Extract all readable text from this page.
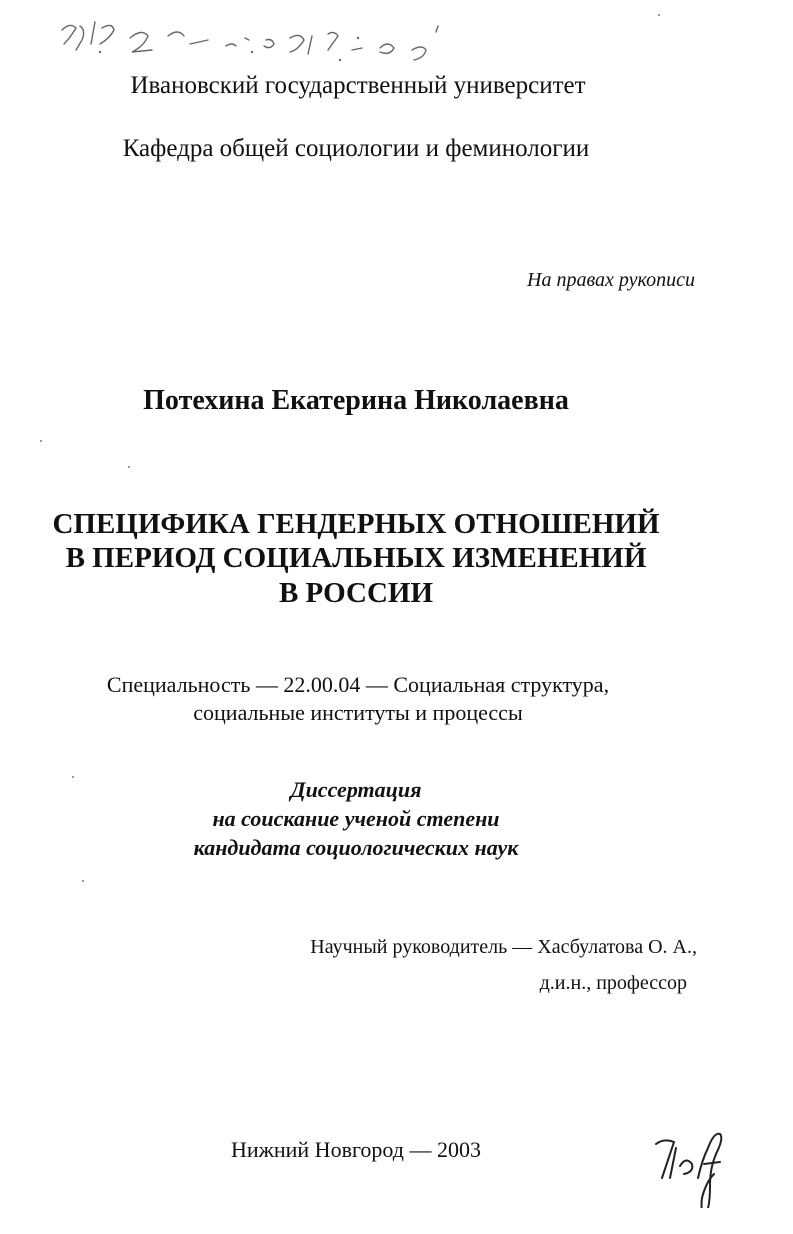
Ивановский государственный университет
Кафедра общей социологии и феминологии
На правах рукописи
Потехина Екатерина Николаевна
СПЕЦИФИКА ГЕНДЕРНЫХ ОТНОШЕНИЙ
В ПЕРИОД СОЦИАЛЬНЫХ ИЗМЕНЕНИЙ
В РОССИИ
Специальность — 22.00.04 — Социальная структура,
социальные институты и процессы
Диссертация
на соискание ученой степени
кандидата социологических наук
Научный руководитель — Хасбулатова О. А.,
д.и.н., профессор
Нижний Новгород — 2003
